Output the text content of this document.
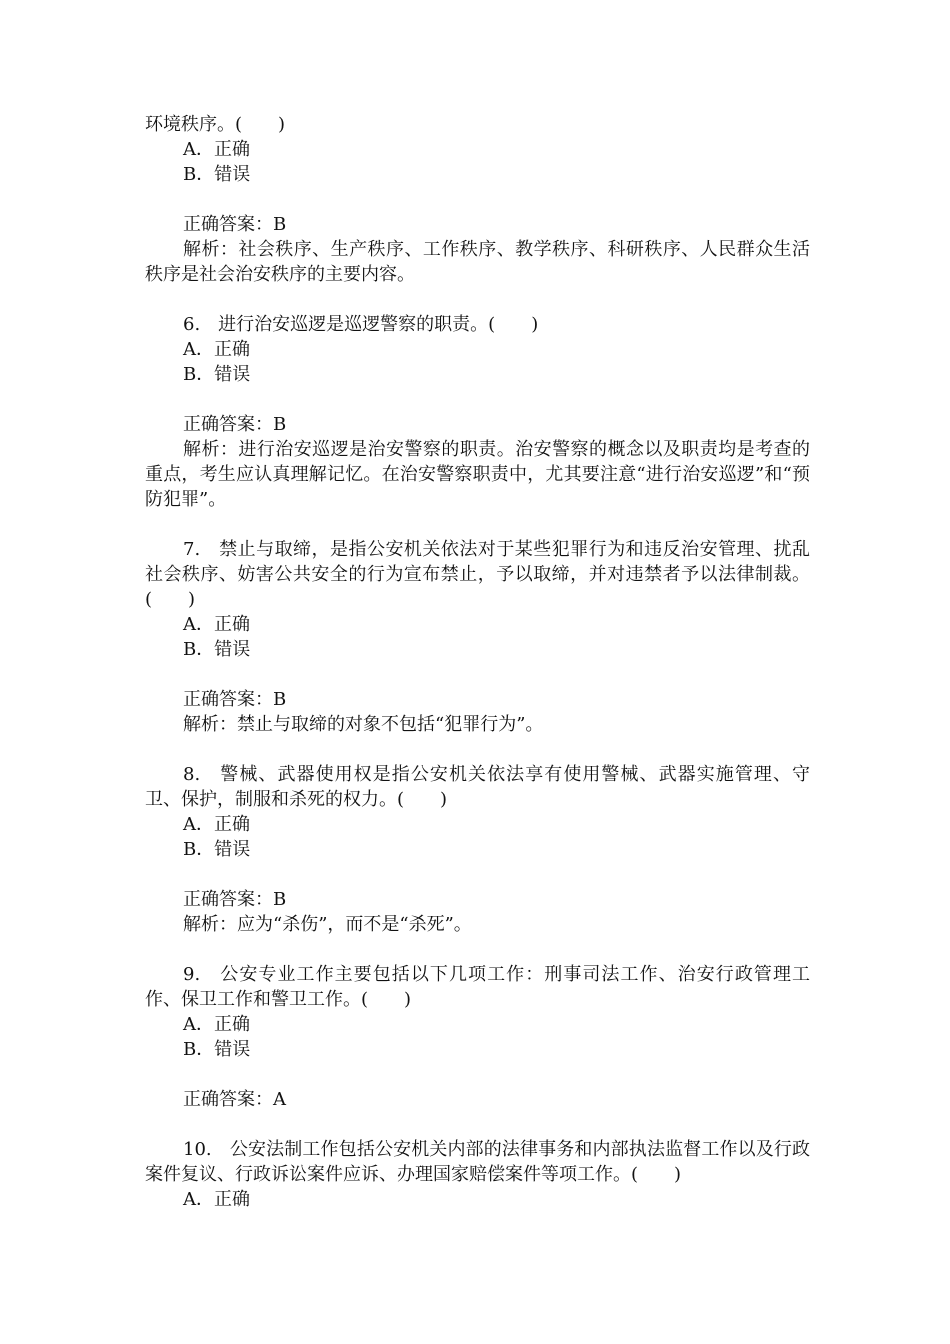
环境秩序。(　　)
A．正确
B．错误
正确答案：B
解析：社会秩序、生产秩序、工作秩序、教学秩序、科研秩序、人民群众生活秩序是社会治安秩序的主要内容。
6.　进行治安巡逻是巡逻警察的职责。(　　)
A．正确
B．错误
正确答案：B
解析：进行治安巡逻是治安警察的职责。治安警察的概念以及职责均是考查的重点，考生应认真理解记忆。在治安警察职责中，尤其要注意“进行治安巡逻”和“预防犯罪”。
7.　禁止与取缔，是指公安机关依法对于某些犯罪行为和违反治安管理、扰乱社会秩序、妨害公共安全的行为宣布禁止，予以取缔，并对违禁者予以法律制裁。(　　)
A．正确
B．错误
正确答案：B
解析：禁止与取缔的对象不包括“犯罪行为”。
8.　警械、武器使用权是指公安机关依法享有使用警械、武器实施管理、守卫、保护，制服和杀死的权力。(　　)
A．正确
B．错误
正确答案：B
解析：应为“杀伤”，而不是“杀死”。
9.　公安专业工作主要包括以下几项工作：刑事司法工作、治安行政管理工作、保卫工作和警卫工作。(　　)
A．正确
B．错误
正确答案：A
10.　公安法制工作包括公安机关内部的法律事务和内部执法监督工作以及行政案件复议、行政诉讼案件应诉、办理国家赔偿案件等项工作。(　　)
A．正确
